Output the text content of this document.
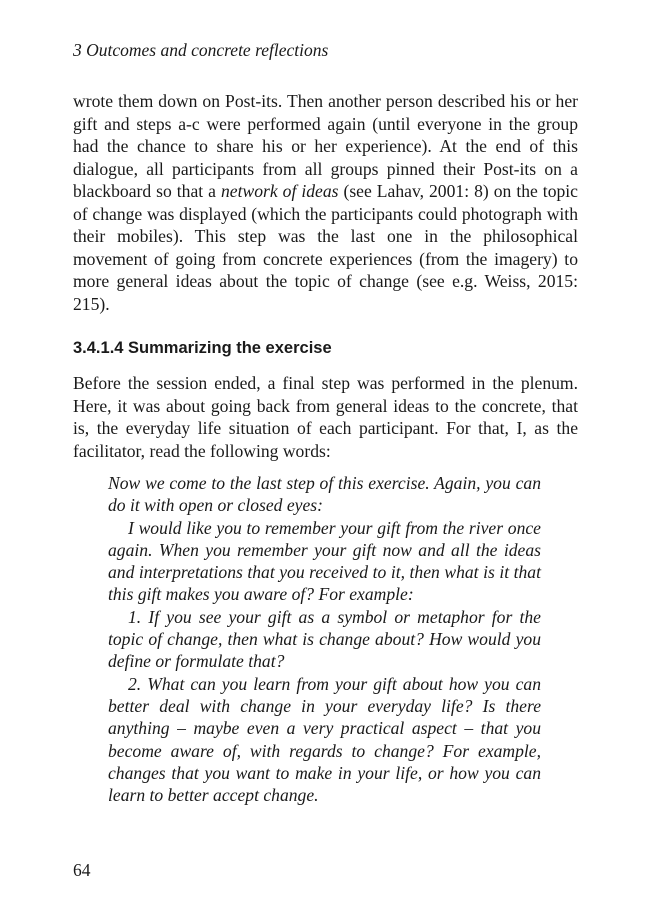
3 Outcomes and concrete reflections

wrote them down on Post-its. Then another person described his or her gift and steps a-c were performed again (until everyone in the group had the chance to share his or her experience). At the end of this dialogue, all participants from all groups pinned their Post-its on a blackboard so that a network of ideas (see Lahav, 2001: 8) on the topic of change was displayed (which the participants could photograph with their mobiles). This step was the last one in the philosophical movement of going from concrete experiences (from the imagery) to more general ideas about the topic of change (see e.g. Weiss, 2015: 215).

3.4.1.4 Summarizing the exercise

Before the session ended, a final step was performed in the plenum. Here, it was about going back from general ideas to the concrete, that is, the everyday life situation of each participant. For that, I, as the facilitator, read the following words:

Now we come to the last step of this exercise. Again, you can do it with open or closed eyes:

I would like you to remember your gift from the river once again. When you remember your gift now and all the ideas and interpretations that you received to it, then what is it that this gift makes you aware of? For example:

1. If you see your gift as a symbol or metaphor for the topic of change, then what is change about? How would you define or formulate that?

2. What can you learn from your gift about how you can better deal with change in your everyday life? Is there anything – maybe even a very practical aspect – that you become aware of, with regards to change? For example, changes that you want to make in your life, or how you can learn to better accept change.

64
